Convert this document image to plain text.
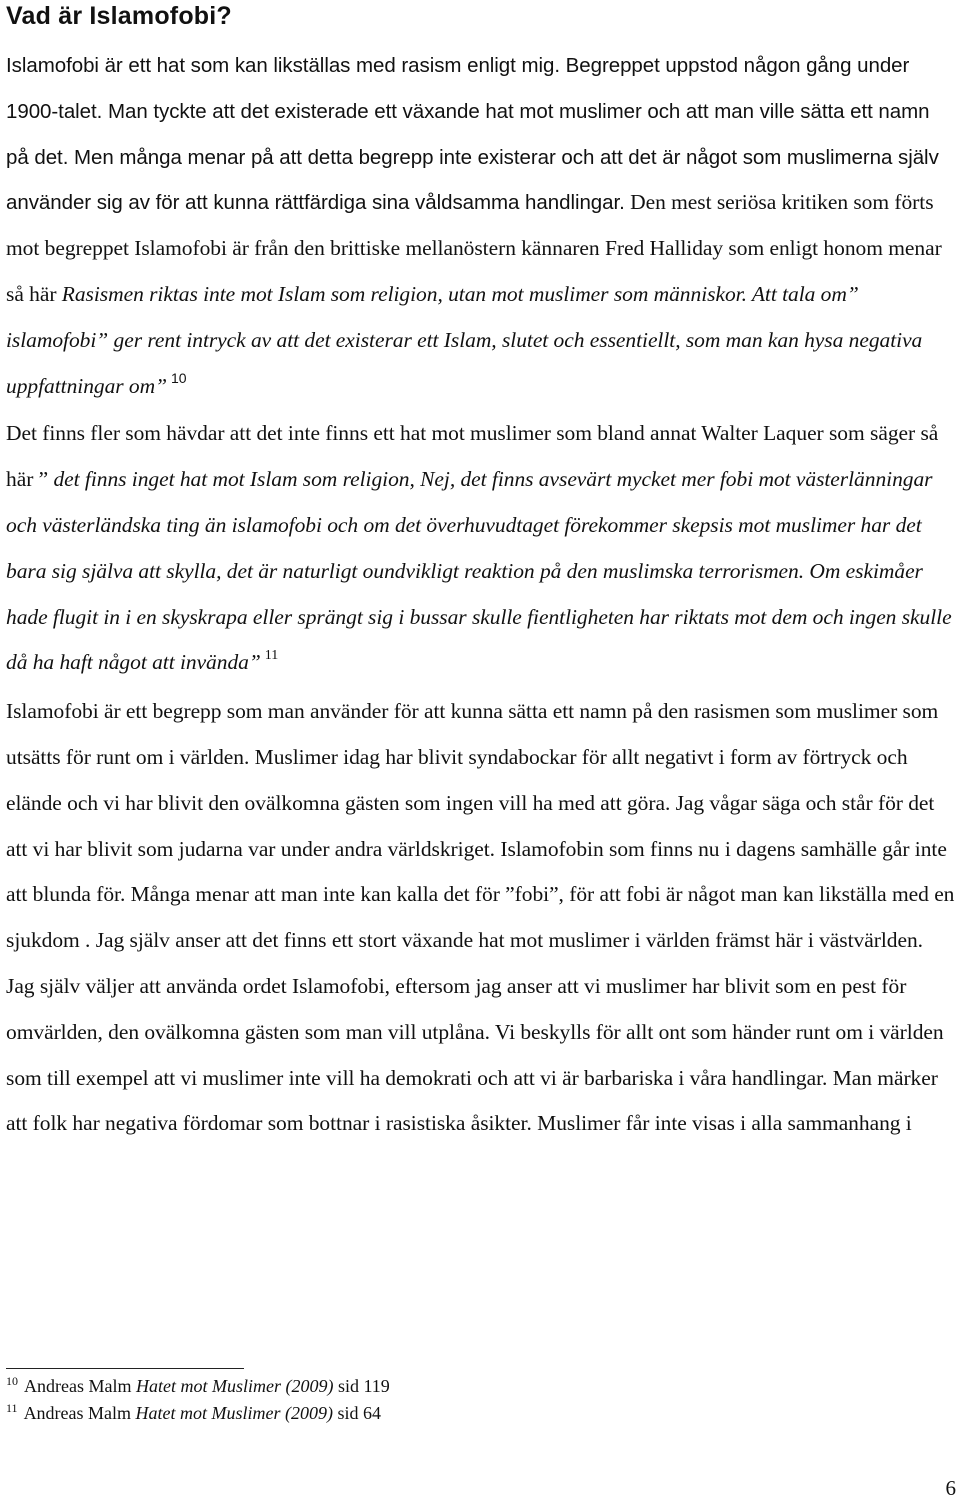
Vad är Islamofobi?

Islamofobi är ett hat som kan likställas med rasism enligt mig. Begreppet uppstod någon gång under 1900-talet. Man tyckte att det existerade ett växande hat mot muslimer och att man ville sätta ett namn på det. Men många menar på att detta begrepp inte existerar och att det är något som muslimerna själv använder sig av för att kunna rättfärdiga sina våldsamma handlingar. Den mest seriösa kritiken som förts mot begreppet Islamofobi är från den brittiske mellanöstern kännaren Fred Halliday som enligt honom menar så här Rasismen riktas inte mot Islam som religion, utan mot muslimer som människor. Att tala om” islamofobi” ger rent intryck av att det existerar ett Islam, slutet och essentiellt, som man kan hysa negativa uppfattningar om” $^{10}$

Det finns fler som hävdar att det inte finns ett hat mot muslimer som bland annat Walter Laquer som säger så här ” det finns inget hat mot Islam som religion, Nej, det finns avsevärt mycket mer fobi mot västerlänningar och västerländska ting än islamofobi och om det överhuvudtaget förekommer skepsis mot muslimer har det bara sig själva att skylla, det är naturligt oundvikligt reaktion på den muslimska terrorismen. Om eskimåer hade flugit in i en skyskrapa eller sprängt sig i bussar skulle fientligheten har riktats mot dem och ingen skulle då ha haft något att invända” $^{11}$

Islamofobi är ett begrepp som man använder för att kunna sätta ett namn på den rasismen som muslimer som utsätts för runt om i världen. Muslimer idag har blivit syndabockar för allt negativt i form av förtryck och elände och vi har blivit den ovälkomna gästen som ingen vill ha med att göra. Jag vågar säga och står för det att vi har blivit som judarna var under andra världskriget. Islamofobin som finns nu i dagens samhälle går inte att blunda för. Många menar att man inte kan kalla det för ”fobi”, för att fobi är något man kan likställa med en sjukdom . Jag själv anser att det finns ett stort växande hat mot muslimer i världen främst här i västvärlden.

Jag själv väljer att använda ordet Islamofobi, eftersom jag anser att vi muslimer har blivit som en pest för omvärlden, den ovälkomna gästen som man vill utplåna. Vi beskylls för allt ont som händer runt om i världen som till exempel att vi muslimer inte vill ha demokrati och att vi är barbariska i våra handlingar. Man märker att folk har negativa fördomar som bottnar i rasistiska åsikter. Muslimer får inte visas i alla sammanhang i

$^{10}$ Andreas Malm Hatet mot Muslimer (2009) sid 119
$^{11}$ Andreas Malm Hatet mot Muslimer (2009) sid 64
6
